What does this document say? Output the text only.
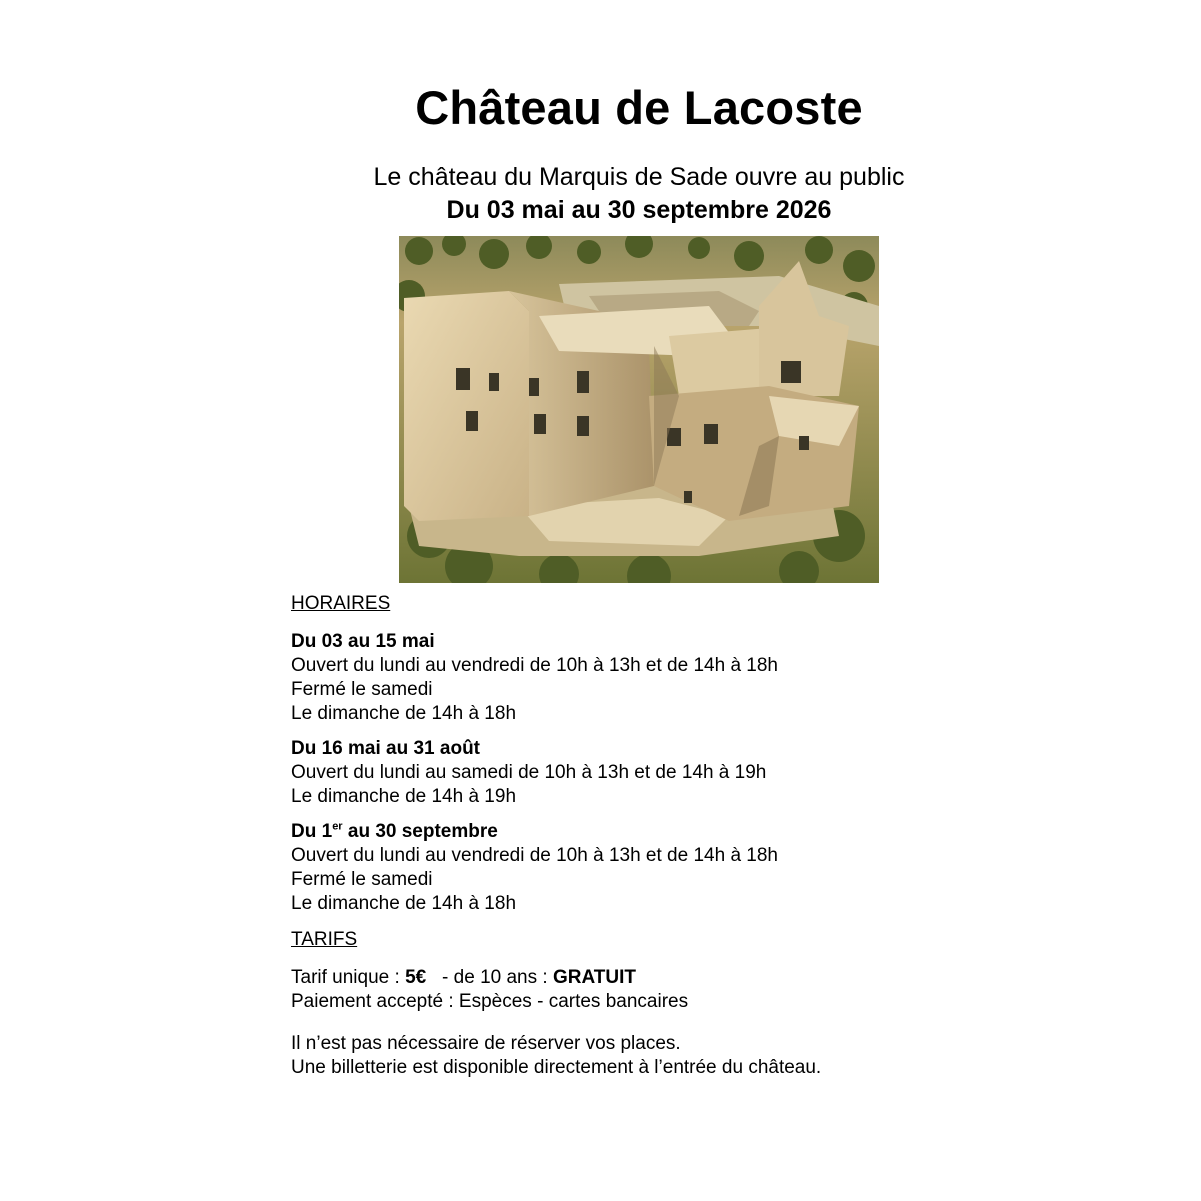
Château de Lacoste
Le château du Marquis de Sade ouvre au public
Du 03 mai au 30 septembre 2026
HORAIRES
Du 03 au 15 mai
Ouvert du lundi au vendredi de 10h à 13h et de 14h à 18h
Fermé le samedi
Le dimanche de 14h à 18h
Du 16 mai au 31 août
Ouvert du lundi au samedi de 10h à 13h et de 14h à 19h
Le dimanche de 14h à 19h
Du 1er au 30 septembre
Ouvert du lundi au vendredi de 10h à 13h et de 14h à 18h
Fermé le samedi
Le dimanche de 14h à 18h
TARIFS
Tarif unique : 5€   - de 10 ans : GRATUIT
Paiement accepté : Espèces - cartes bancaires
Il n’est pas nécessaire de réserver vos places.
Une billetterie est disponible directement à l’entrée du château.
